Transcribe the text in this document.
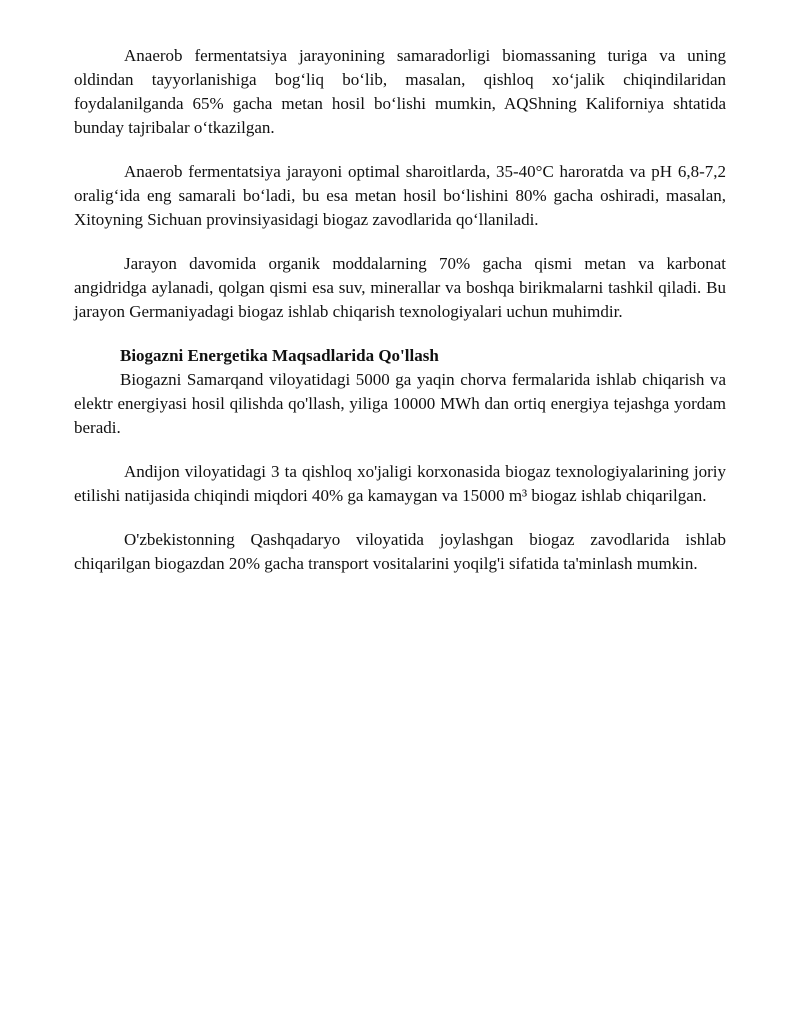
Anaerob fermentatsiya jarayonining samaradorligi biomassaning turiga va uning oldindan tayyorlanishiga bog‘liq bo‘lib, masalan, qishloq xo‘jalik chiqindilaridan foydalanilganda 65% gacha metan hosil bo‘lishi mumkin, AQShning Kaliforniya shtatida bunday tajribalar o‘tkazilgan.

Anaerob fermentatsiya jarayoni optimal sharoitlarda, 35-40°C haroratda va pH 6,8-7,2 oralig‘ida eng samarali bo‘ladi, bu esa metan hosil bo‘lishini 80% gacha oshiradi, masalan, Xitoyning Sichuan provinsiyasidagi biogaz zavodlarida qo‘llaniladi.

Jarayon davomida organik moddalarning 70% gacha qismi metan va karbonat angidridga aylanadi, qolgan qismi esa suv, minerallar va boshqa birikmalarni tashkil qiladi. Bu jarayon Germaniyadagi biogaz ishlab chiqarish texnologiyalari uchun muhimdir.

Biogazni Energetika Maqsadlarida Qo'llash

Biogazni Samarqand viloyatidagi 5000 ga yaqin chorva fermalarida ishlab chiqarish va elektr energiyasi hosil qilishda qo'llash, yiliga 10000 MWh dan ortiq energiya tejashga yordam beradi.

Andijon viloyatidagi 3 ta qishloq xo'jaligi korxonasida biogaz texnologiyalarining joriy etilishi natijasida chiqindi miqdori 40% ga kamaygan va 15000 m³ biogaz ishlab chiqarilgan.

O'zbekistonning Qashqadaryo viloyatida joylashgan biogaz zavodlarida ishlab chiqarilgan biogazdan 20% gacha transport vositalarini yoqilg'i sifatida ta'minlash mumkin.
